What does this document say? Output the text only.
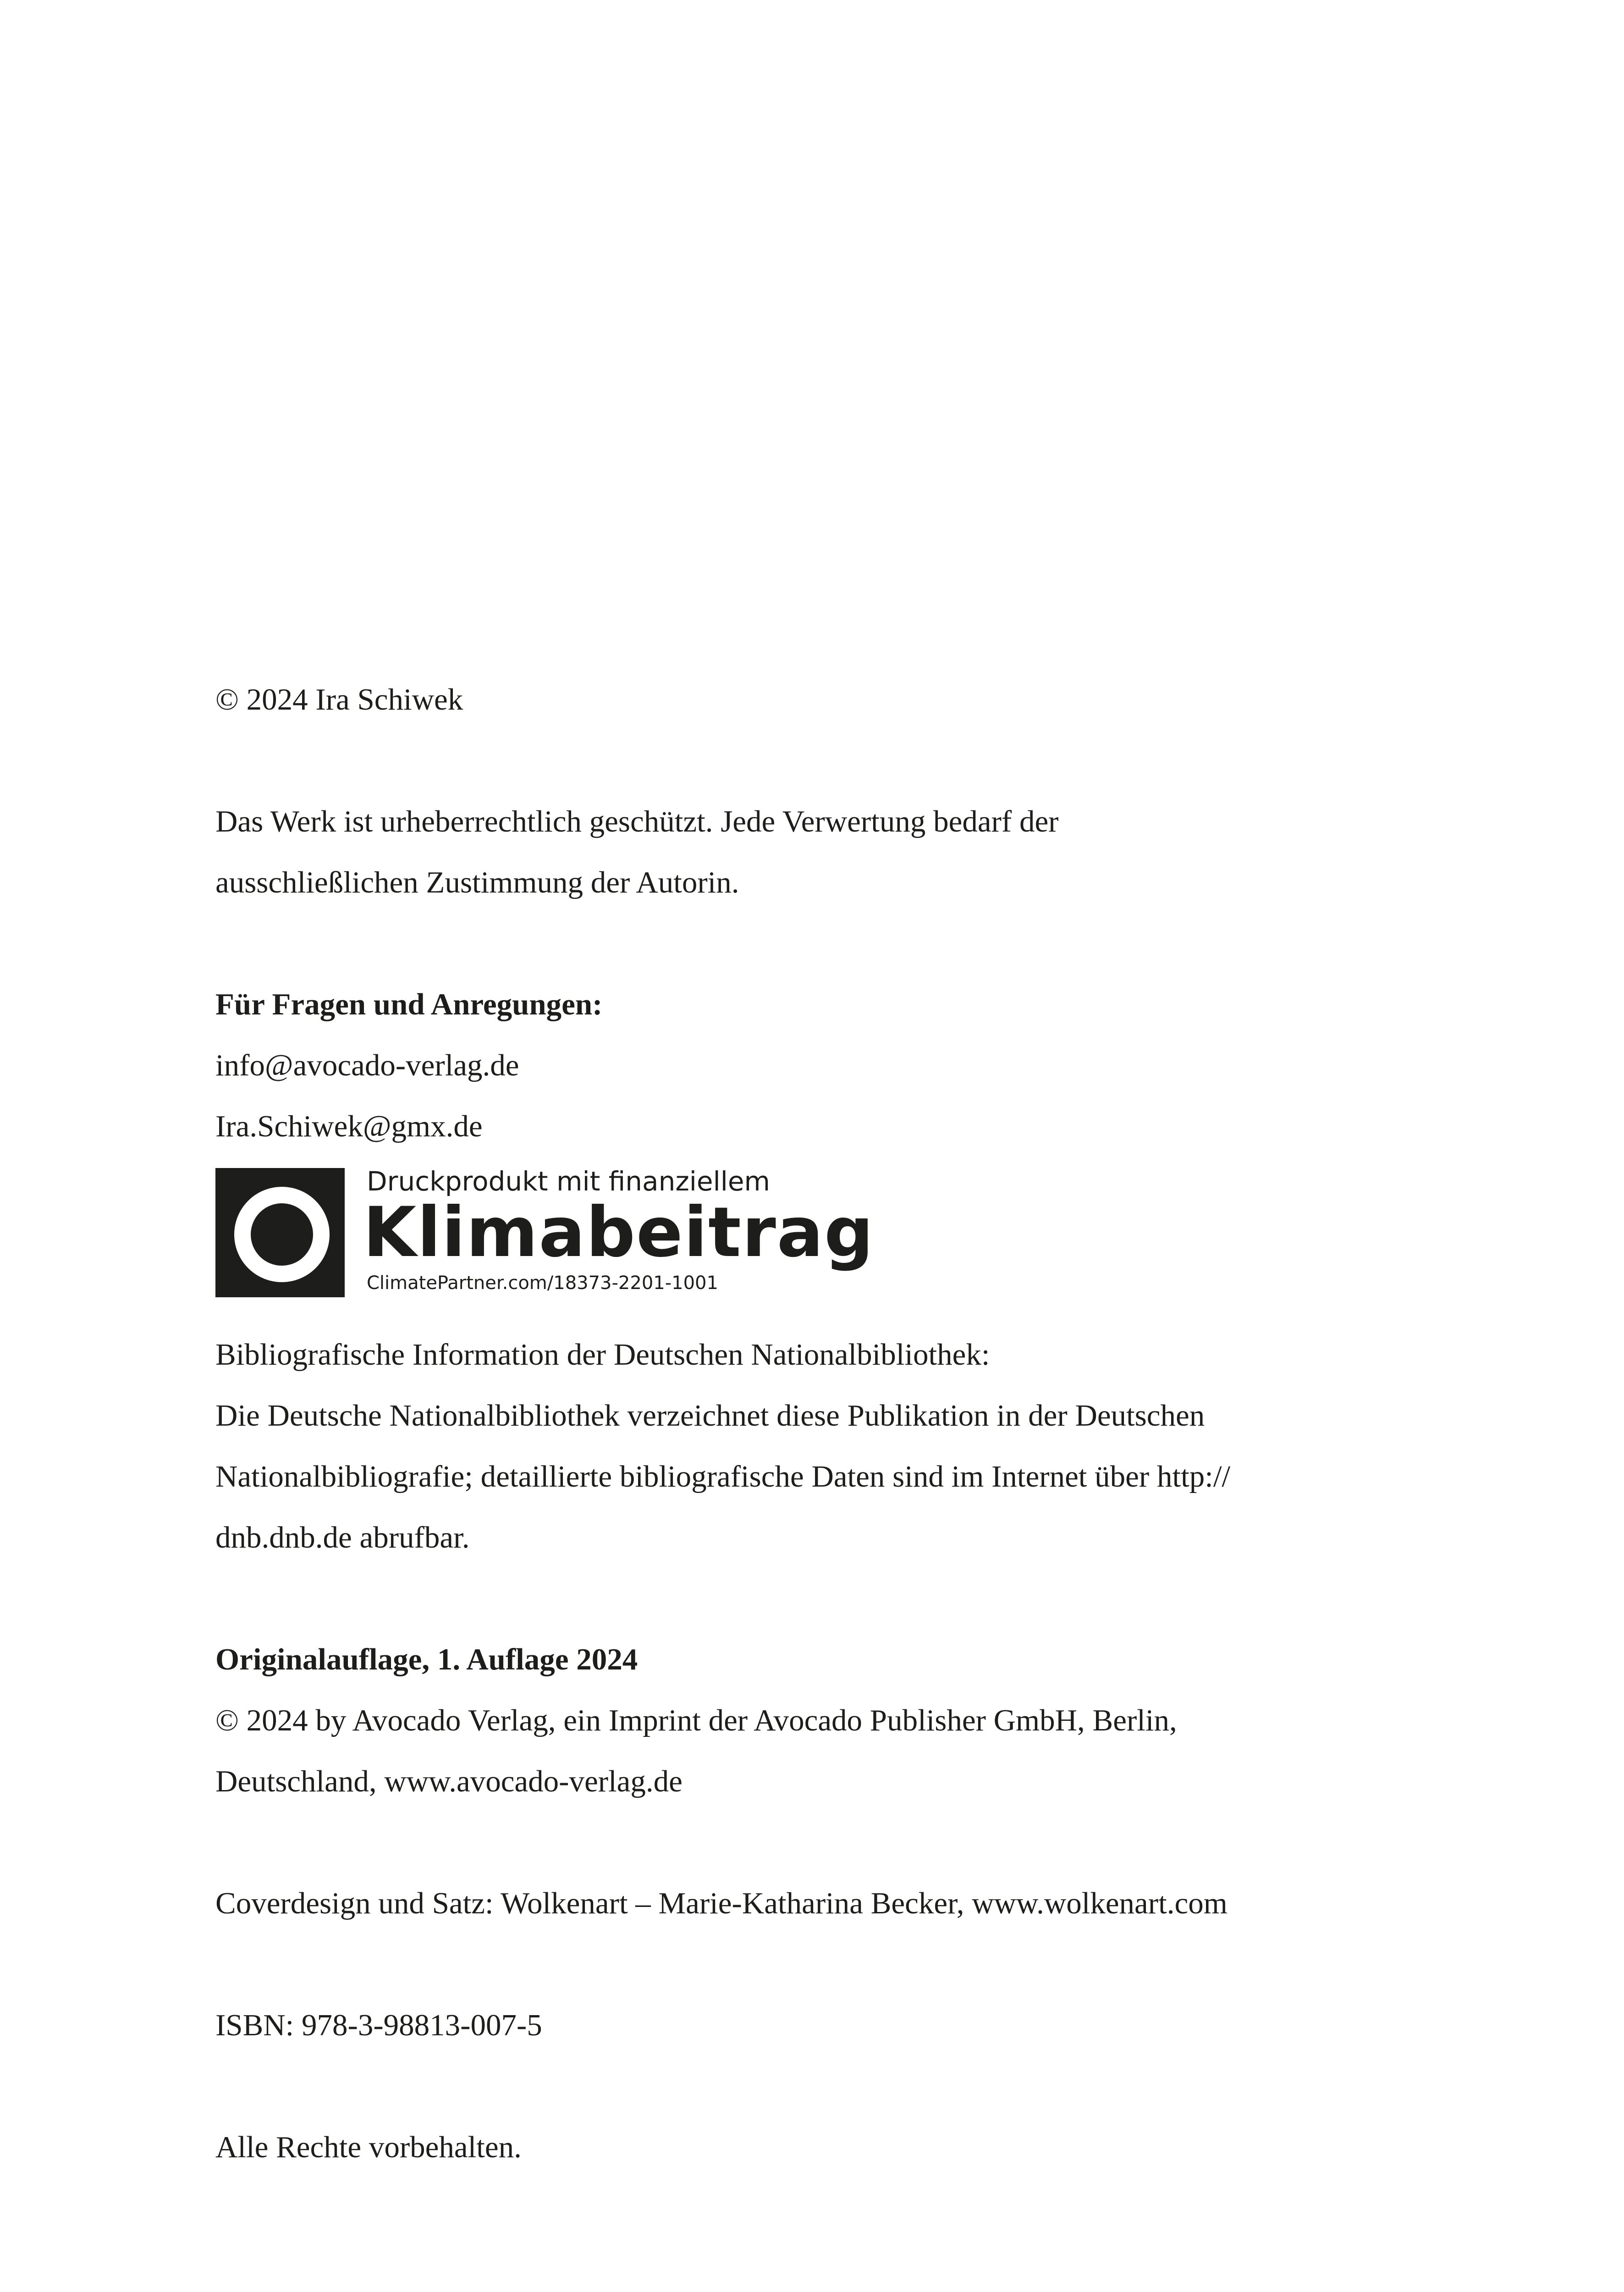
© 2024 Ira Schiwek
Das Werk ist urheberrechtlich geschützt. Jede Verwertung bedarf der
ausschließlichen Zustimmung der Autorin.
Für Fragen und Anregungen:
info@avocado-verlag.de
Ira.Schiwek@gmx.de
Druckprodukt mit finanziellem
Klimabeitrag
ClimatePartner.com/18373-2201-1001
Bibliografische Information der Deutschen Nationalbibliothek:
Die Deutsche Nationalbibliothek verzeichnet diese Publikation in der Deutschen
Nationalbibliografie; detaillierte bibliografische Daten sind im Internet über http://
dnb.dnb.de abrufbar.
Originalauflage, 1. Auflage 2024
© 2024 by Avocado Verlag, ein Imprint der Avocado Publisher GmbH, Berlin,
Deutschland, www.avocado-verlag.de
Coverdesign und Satz: Wolkenart – Marie-Katharina Becker, www.wolkenart.com
ISBN: 978-3-98813-007-5
Alle Rechte vorbehalten.
